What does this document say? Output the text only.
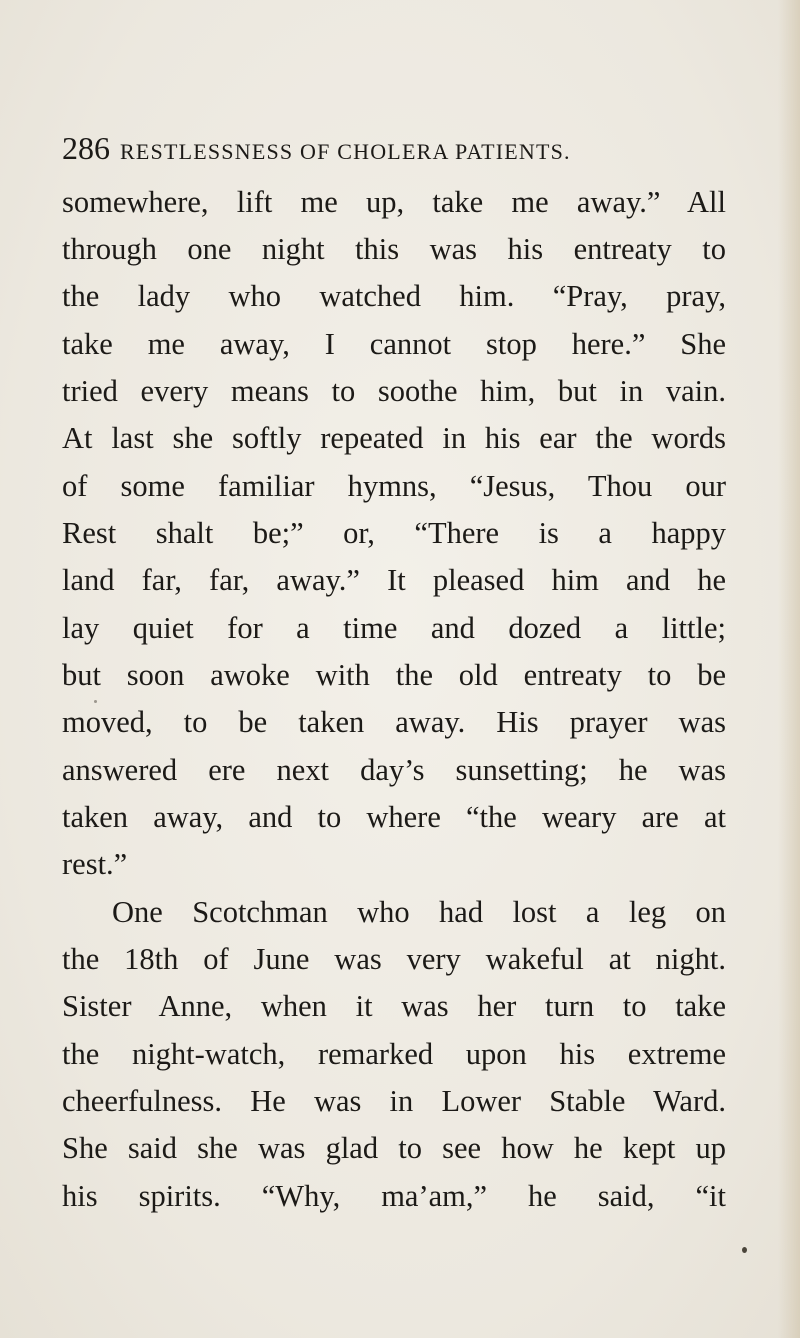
286 RESTLESSNESS OF CHOLERA PATIENTS.
somewhere, lift me up, take me away.” All
through one night this was his entreaty to
the lady who watched him. “Pray, pray,
take me away, I cannot stop here.” She
tried every means to soothe him, but in vain.
At last she softly repeated in his ear the words
of some familiar hymns, “Jesus, Thou our
Rest shalt be;” or, “There is a happy
land far, far, away.” It pleased him and he
lay quiet for a time and dozed a little;
but soon awoke with the old entreaty to be
moved, to be taken away. His prayer was
answered ere next day’s sunsetting; he was
taken away, and to where “the weary are at
rest.”
One Scotchman who had lost a leg on
the 18th of June was very wakeful at night.
Sister Anne, when it was her turn to take
the night-watch, remarked upon his extreme
cheerfulness. He was in Lower Stable Ward.
She said she was glad to see how he kept up
his spirits. “Why, ma’am,” he said, “it
